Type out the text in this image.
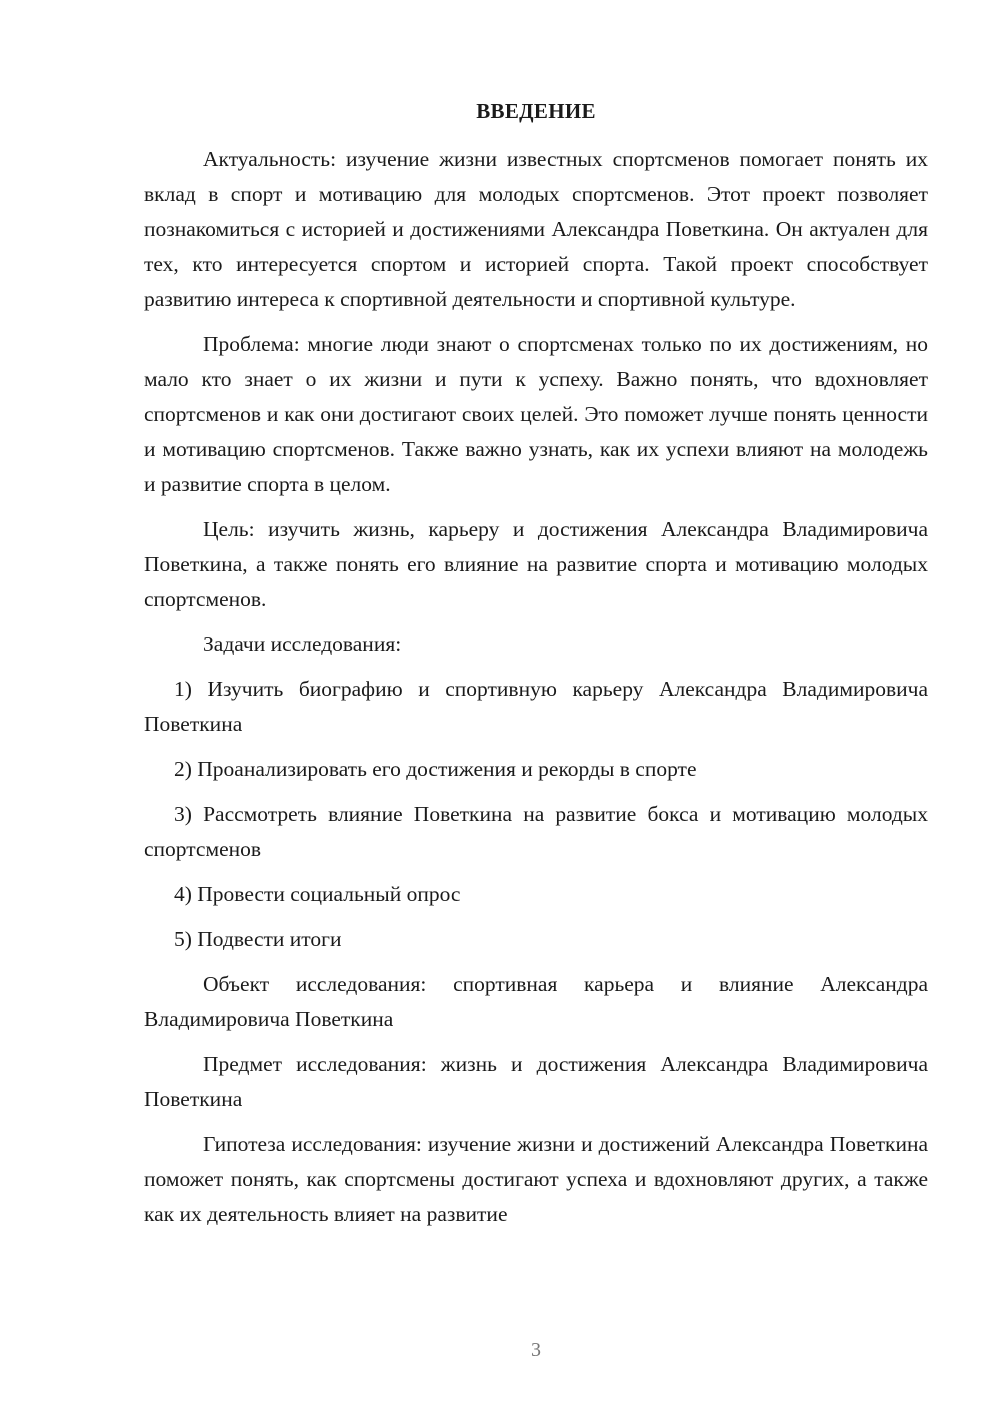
ВВЕДЕНИЕ

Актуальность: изучение жизни известных спортсменов помогает понять их вклад в спорт и мотивацию для молодых спортсменов. Этот проект позволяет познакомиться с историей и достижениями Александра Поветкина. Он актуален для тех, кто интересуется спортом и историей спорта. Такой проект способствует развитию интереса к спортивной деятельности и спортивной культуре.

Проблема: многие люди знают о спортсменах только по их достижениям, но мало кто знает о их жизни и пути к успеху. Важно понять, что вдохновляет спортсменов и как они достигают своих целей. Это поможет лучше понять ценности и мотивацию спортсменов. Также важно узнать, как их успехи влияют на молодежь и развитие спорта в целом.

Цель: изучить жизнь, карьеру и достижения Александра Владимировича Поветкина, а также понять его влияние на развитие спорта и мотивацию молодых спортсменов.

Задачи исследования:

1) Изучить биографию и спортивную карьеру Александра Владимировича Поветкина

2) Проанализировать его достижения и рекорды в спорте

3) Рассмотреть влияние Поветкина на развитие бокса и мотивацию молодых спортсменов

4) Провести социальный опрос

5) Подвести итоги

Объект исследования: спортивная карьера и влияние Александра Владимировича Поветкина

Предмет исследования: жизнь и достижения Александра Владимировича Поветкина

Гипотеза исследования: изучение жизни и достижений Александра Поветкина поможет понять, как спортсмены достигают успеха и вдохновляют других, а также как их деятельность влияет на развитие

3
